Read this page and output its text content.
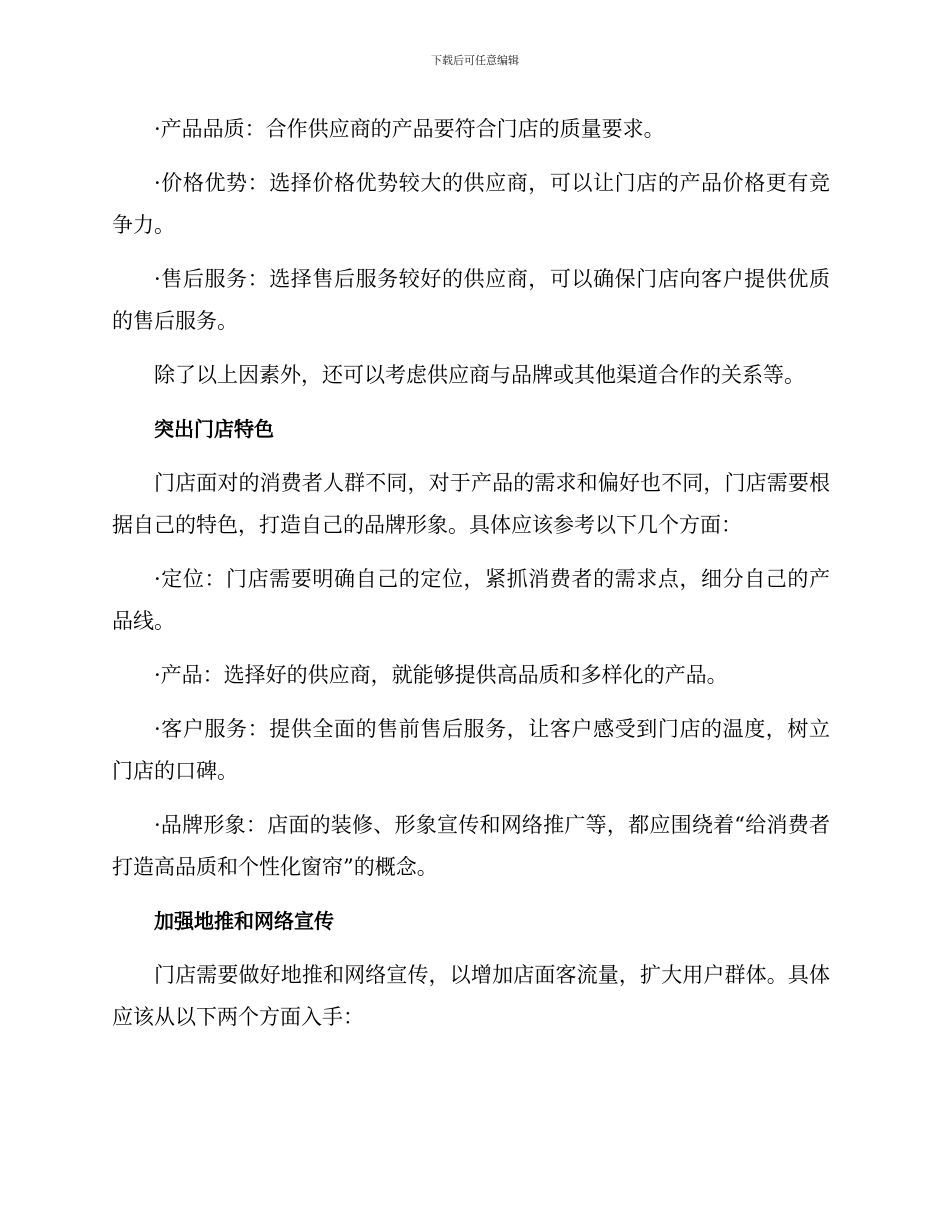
下载后可任意编辑

·产品品质：合作供应商的产品要符合门店的质量要求。

·价格优势：选择价格优势较大的供应商，可以让门店的产品价格更有竞争力。

·售后服务：选择售后服务较好的供应商，可以确保门店向客户提供优质的售后服务。

除了以上因素外，还可以考虑供应商与品牌或其他渠道合作的关系等。

突出门店特色

门店面对的消费者人群不同，对于产品的需求和偏好也不同，门店需要根据自己的特色，打造自己的品牌形象。具体应该参考以下几个方面：

·定位：门店需要明确自己的定位，紧抓消费者的需求点，细分自己的产品线。

·产品：选择好的供应商，就能够提供高品质和多样化的产品。

·客户服务：提供全面的售前售后服务，让客户感受到门店的温度，树立门店的口碑。

·品牌形象：店面的装修、形象宣传和网络推广等，都应围绕着“给消费者打造高品质和个性化窗帘”的概念。

加强地推和网络宣传

门店需要做好地推和网络宣传，以增加店面客流量，扩大用户群体。具体应该从以下两个方面入手：
